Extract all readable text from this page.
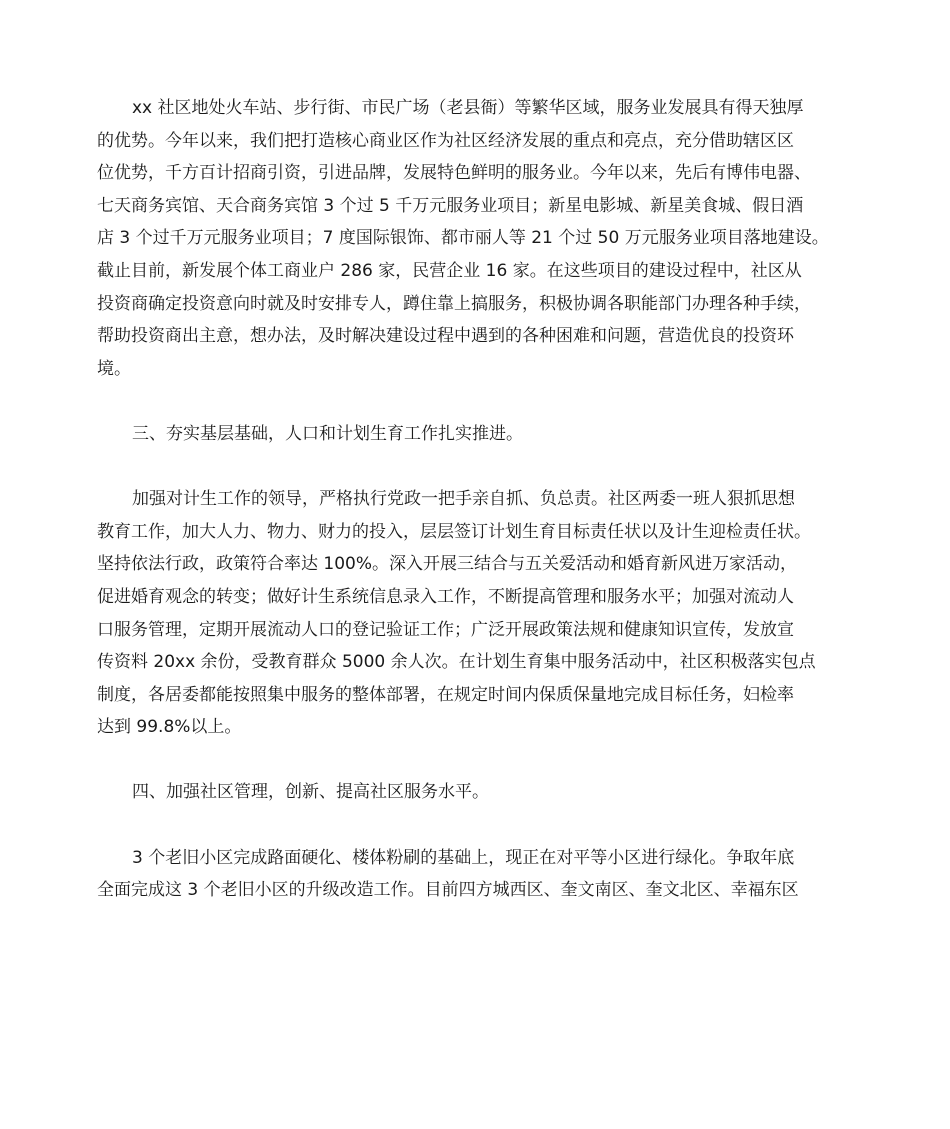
xx 社区地处火车站、步行街、市民广场（老县衙）等繁华区域，服务业发展具有得天独厚
的优势。今年以来，我们把打造核心商业区作为社区经济发展的重点和亮点，充分借助辖区区
位优势，千方百计招商引资，引进品牌，发展特色鲜明的服务业。今年以来，先后有博伟电器、
七天商务宾馆、天合商务宾馆 3 个过 5 千万元服务业项目；新星电影城、新星美食城、假日酒
店 3 个过千万元服务业项目；7 度国际银饰、都市丽人等 21 个过 50 万元服务业项目落地建设。
截止目前，新发展个体工商业户 286 家，民营企业 16 家。在这些项目的建设过程中，社区从
投资商确定投资意向时就及时安排专人，蹲住靠上搞服务，积极协调各职能部门办理各种手续，
帮助投资商出主意，想办法，及时解决建设过程中遇到的各种困难和问题，营造优良的投资环
境。
三、夯实基层基础，人口和计划生育工作扎实推进。
加强对计生工作的领导，严格执行党政一把手亲自抓、负总责。社区两委一班人狠抓思想
教育工作，加大人力、物力、财力的投入，层层签订计划生育目标责任状以及计生迎检责任状。
坚持依法行政，政策符合率达 100%。深入开展三结合与五关爱活动和婚育新风进万家活动，
促进婚育观念的转变；做好计生系统信息录入工作，不断提高管理和服务水平；加强对流动人
口服务管理，定期开展流动人口的登记验证工作；广泛开展政策法规和健康知识宣传，发放宣
传资料 20xx 余份，受教育群众 5000 余人次。在计划生育集中服务活动中，社区积极落实包点
制度，各居委都能按照集中服务的整体部署，在规定时间内保质保量地完成目标任务，妇检率
达到 99.8%以上。
四、加强社区管理，创新、提高社区服务水平。
3 个老旧小区完成路面硬化、楼体粉刷的基础上，现正在对平等小区进行绿化。争取年底
全面完成这 3 个老旧小区的升级改造工作。目前四方城西区、奎文南区、奎文北区、幸福东区
